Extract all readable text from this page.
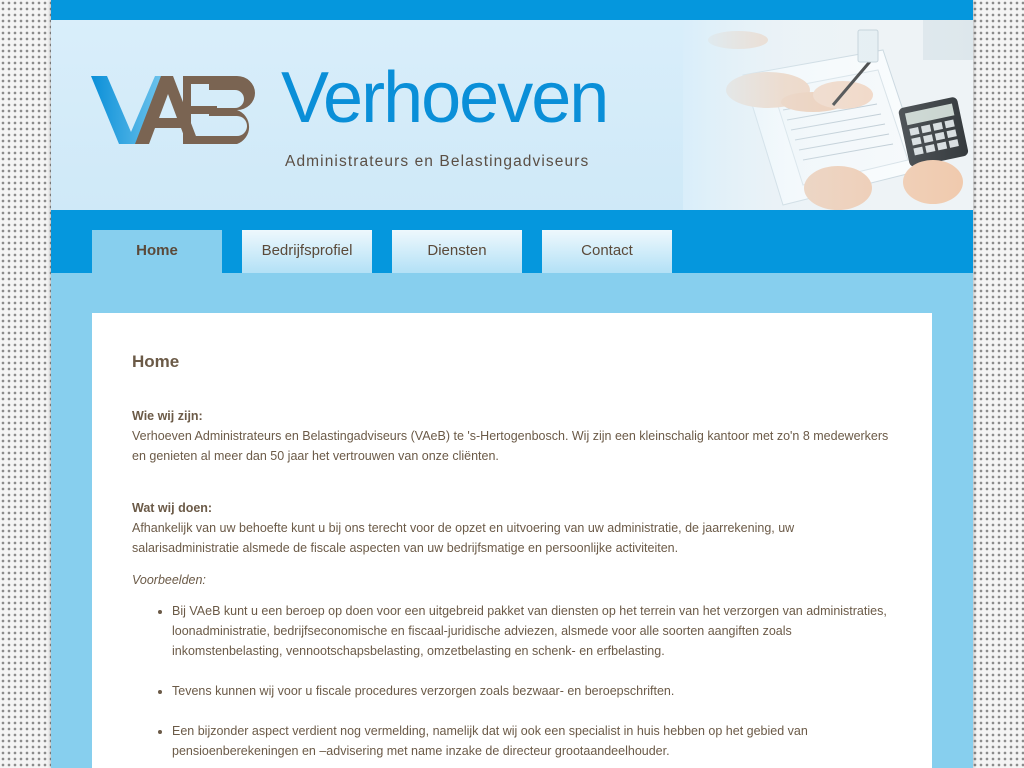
Verhoeven
Administrateurs en Belastingadviseurs
Home	Bedrijfsprofiel	Diensten	Contact
Home

Wie wij zijn:

Verhoeven Administrateurs en Belastingadviseurs (VAeB) te 's-Hertogenbosch. Wij zijn een kleinschalig kantoor met zo'n 8 medewerkers en genieten al meer dan 50 jaar het vertrouwen van onze cliënten.

Wat wij doen:

Afhankelijk van uw behoefte kunt u bij ons terecht voor de opzet en uitvoering van uw administratie, de jaarrekening, uw salarisadministratie alsmede de fiscale aspecten van uw bedrijfsmatige en persoonlijke activiteiten.

Voorbeelden:

• Bij VAeB kunt u een beroep op doen voor een uitgebreid pakket van diensten op het terrein van het verzorgen van administraties, loonadministratie, bedrijfseconomische en fiscaal-juridische adviezen, alsmede voor alle soorten aangiften zoals inkomstenbelasting, vennootschapsbelasting, omzetbelasting en schenk- en erfbelasting.
• Tevens kunnen wij voor u fiscale procedures verzorgen zoals bezwaar- en beroepschriften.
• Een bijzonder aspect verdient nog vermelding, namelijk dat wij ook een specialist in huis hebben op het gebied van pensioenberekeningen en –advisering met name inzake de directeur grootaandeelhouder.
